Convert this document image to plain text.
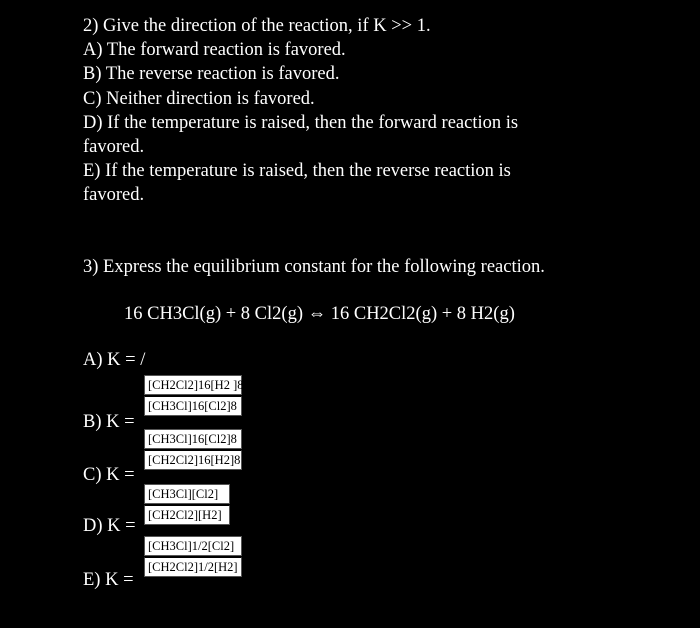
2) Give the direction of the reaction, if K >> 1.
A) The forward reaction is favored.
B) The reverse reaction is favored.
C) Neither direction is favored.
D) If the temperature is raised, then the forward reaction is
favored.
E) If the temperature is raised, then the reverse reaction is
favored.
3) Express the equilibrium constant for the following reaction.
16 CH3Cl(g) + 8 Cl2(g) ⇔ 16 CH2Cl2(g) + 8 H2(g)
A) K = /
B) K =
$\frac{[CH2Cl2]16[H2 ]8}{[CH3Cl]16[Cl2]8}$
C) K =
$\frac{[CH3Cl]16[Cl2]8}{[CH2Cl2]16[H2]8}$
D) K =
$\frac{[CH3Cl][Cl2]}{[CH2Cl2][H2]}$
E) K =
$\frac{[CH3Cl]1/2[Cl2]}{[CH2Cl2]1/2[H2]}$
